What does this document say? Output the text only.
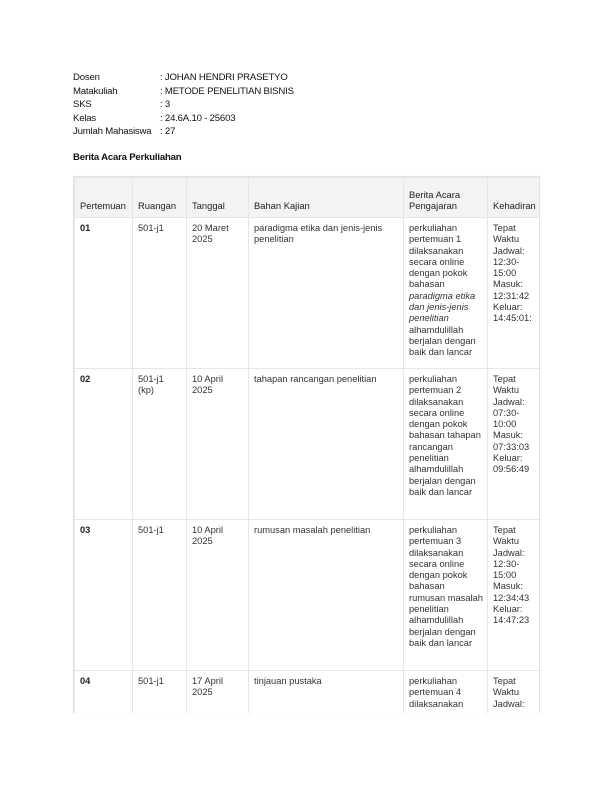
Dosen	: JOHAN HENDRI PRASETYO
Matakuliah	: METODE PENELITIAN BISNIS
SKS	: 3
Kelas	: 24.6A.10 - 25603
Jumlah Mahasiswa : 27
Berita Acara Perkuliahan
Pertemuan	Ruangan	Tanggal	Bahan Kajian	Berita Acara Pengajaran	Kehadiran
01	501-j1	20 Maret 2025	paradigma etika dan jenis-jenis penelitian	perkuliahan pertemuan 1 dilaksanakan secara online dengan pokok bahasan paradigma etika dan jenis-jenis penelitian alhamdulillah berjalan dengan baik dan lancar	Tepat Waktu Jadwal: 12:30-15:00 Masuk: 12:31:42 Keluar: 14:45:01:
02	501-j1 (kp)	10 April 2025	tahapan rancangan penelitian	perkuliahan pertemuan 2 dilaksanakan secara online dengan pokok bahasan tahapan rancangan penelitian alhamdulillah berjalan dengan baik dan lancar	Tepat Waktu Jadwal: 07:30-10:00 Masuk: 07:33:03 Keluar: 09:56:49
03	501-j1	10 April 2025	rumusan masalah penelitian	perkuliahan pertemuan 3 dilaksanakan secara online dengan pokok bahasan rumusan masalah penelitian alhamdulillah berjalan dengan baik dan lancar	Tepat Waktu Jadwal: 12:30-15:00 Masuk: 12:34:43 Keluar: 14:47:23
04	501-j1	17 April 2025	tinjauan pustaka	perkuliahan pertemuan 4 dilaksanakan	Tepat Waktu Jadwal:
